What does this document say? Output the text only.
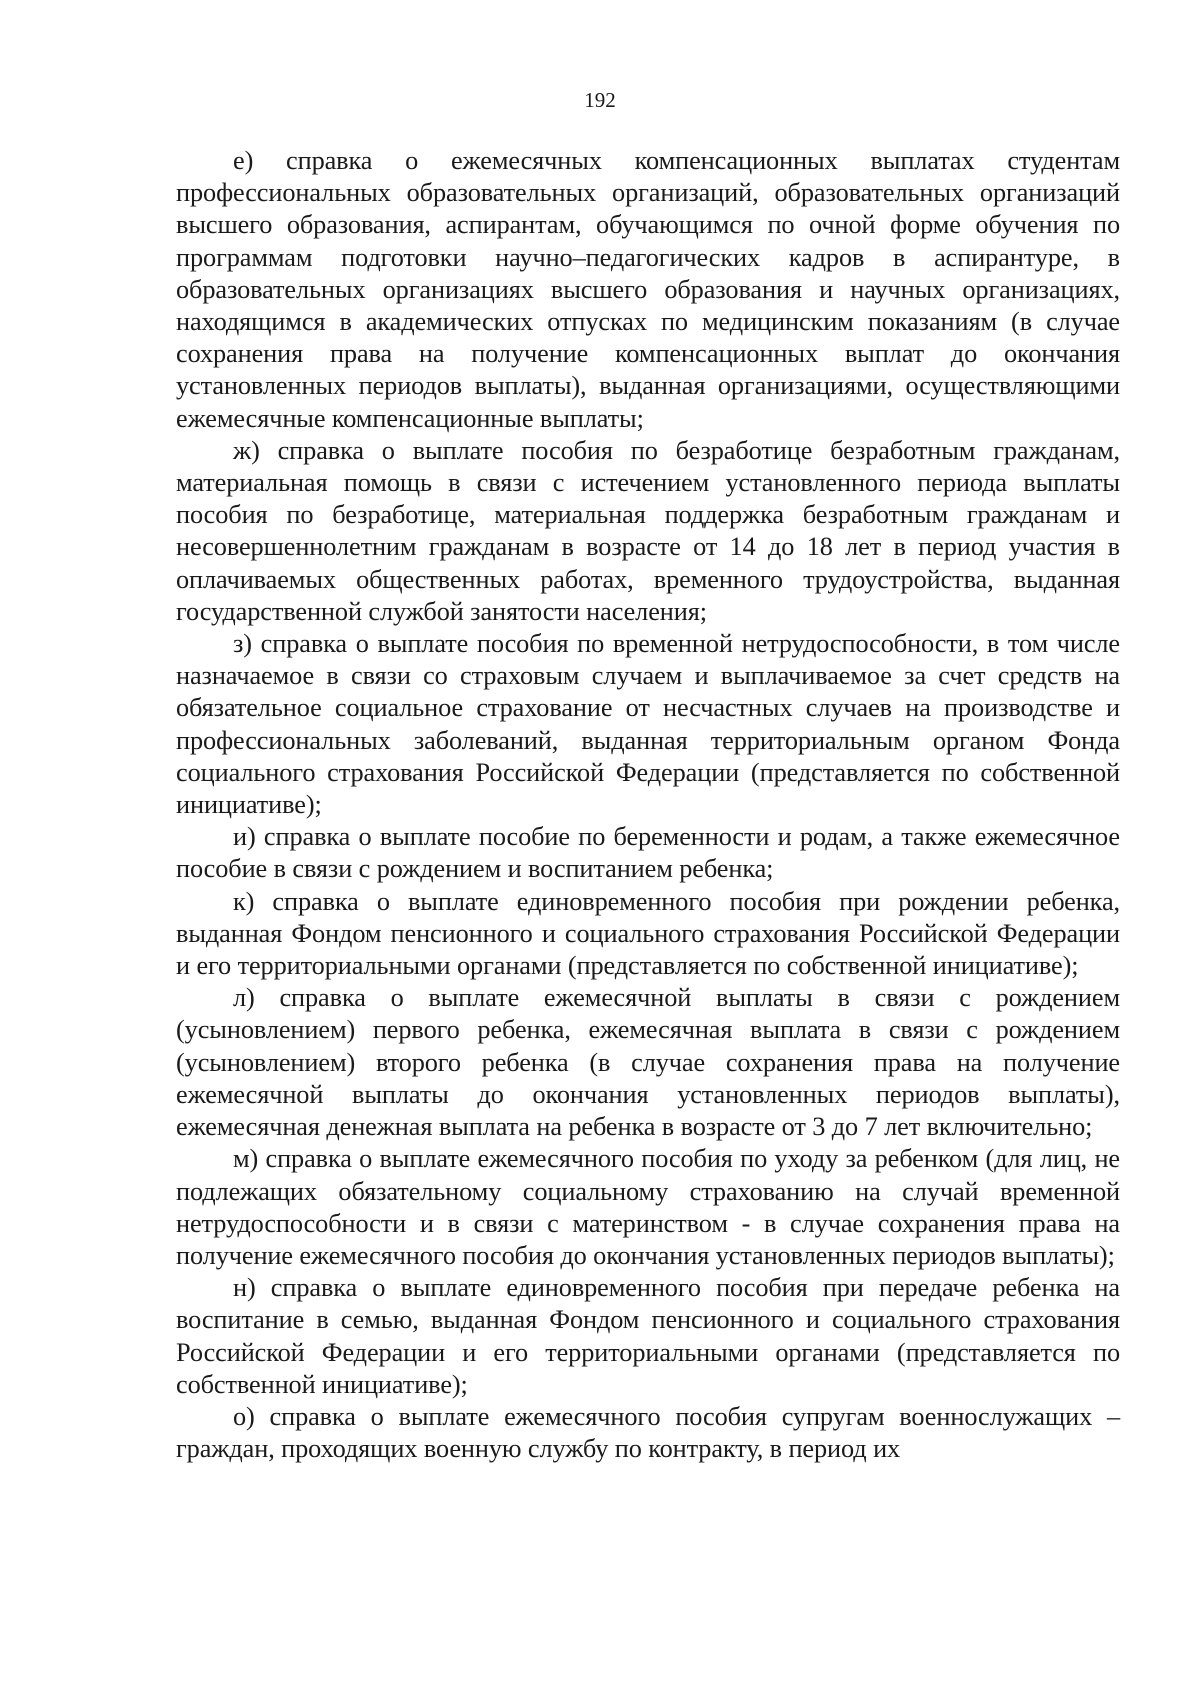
192

е) справка о ежемесячных компенсационных выплатах студентам профессиональных образовательных организаций, образовательных организаций высшего образования, аспирантам, обучающимся по очной форме обучения по программам подготовки научно–педагогических кадров в аспирантуре, в образовательных организациях высшего образования и научных организациях, находящимся в академических отпусках по медицинским показаниям (в случае сохранения права на получение компенсационных выплат до окончания установленных периодов выплаты), выданная организациями, осуществляющими ежемесячные компенсационные выплаты;

ж) справка о выплате пособия по безработице безработным гражданам, материальная помощь в связи с истечением установленного периода выплаты пособия по безработице, материальная поддержка безработным гражданам и несовершеннолетним гражданам в возрасте от 14 до 18 лет в период участия в оплачиваемых общественных работах, временного трудоустройства, выданная государственной службой занятости населения;

з) справка о выплате пособия по временной нетрудоспособности, в том числе назначаемое в связи со страховым случаем и выплачиваемое за счет средств на обязательное социальное страхование от несчастных случаев на производстве и профессиональных заболеваний, выданная территориальным органом Фонда социального страхования Российской Федерации (представляется по собственной инициативе);

и) справка о выплате пособие по беременности и родам, а также ежемесячное пособие в связи с рождением и воспитанием ребенка;

к) справка о выплате единовременного пособия при рождении ребенка, выданная Фондом пенсионного и социального страхования Российской Федерации и его территориальными органами (представляется по собственной инициативе);

л) справка о выплате ежемесячной выплаты в связи с рождением (усыновлением) первого ребенка, ежемесячная выплата в связи с рождением (усыновлением) второго ребенка (в случае сохранения права на получение ежемесячной выплаты до окончания установленных периодов выплаты), ежемесячная денежная выплата на ребенка в возрасте от 3 до 7 лет включительно;

м) справка о выплате ежемесячного пособия по уходу за ребенком (для лиц, не подлежащих обязательному социальному страхованию на случай временной нетрудоспособности и в связи с материнством - в случае сохранения права на получение ежемесячного пособия до окончания установленных периодов выплаты);

н) справка о выплате единовременного пособия при передаче ребенка на воспитание в семью, выданная Фондом пенсионного и социального страхования Российской Федерации и его территориальными органами (представляется по собственной инициативе);

о) справка о выплате ежемесячного пособия супругам военнослужащих – граждан, проходящих военную службу по контракту, в период их
